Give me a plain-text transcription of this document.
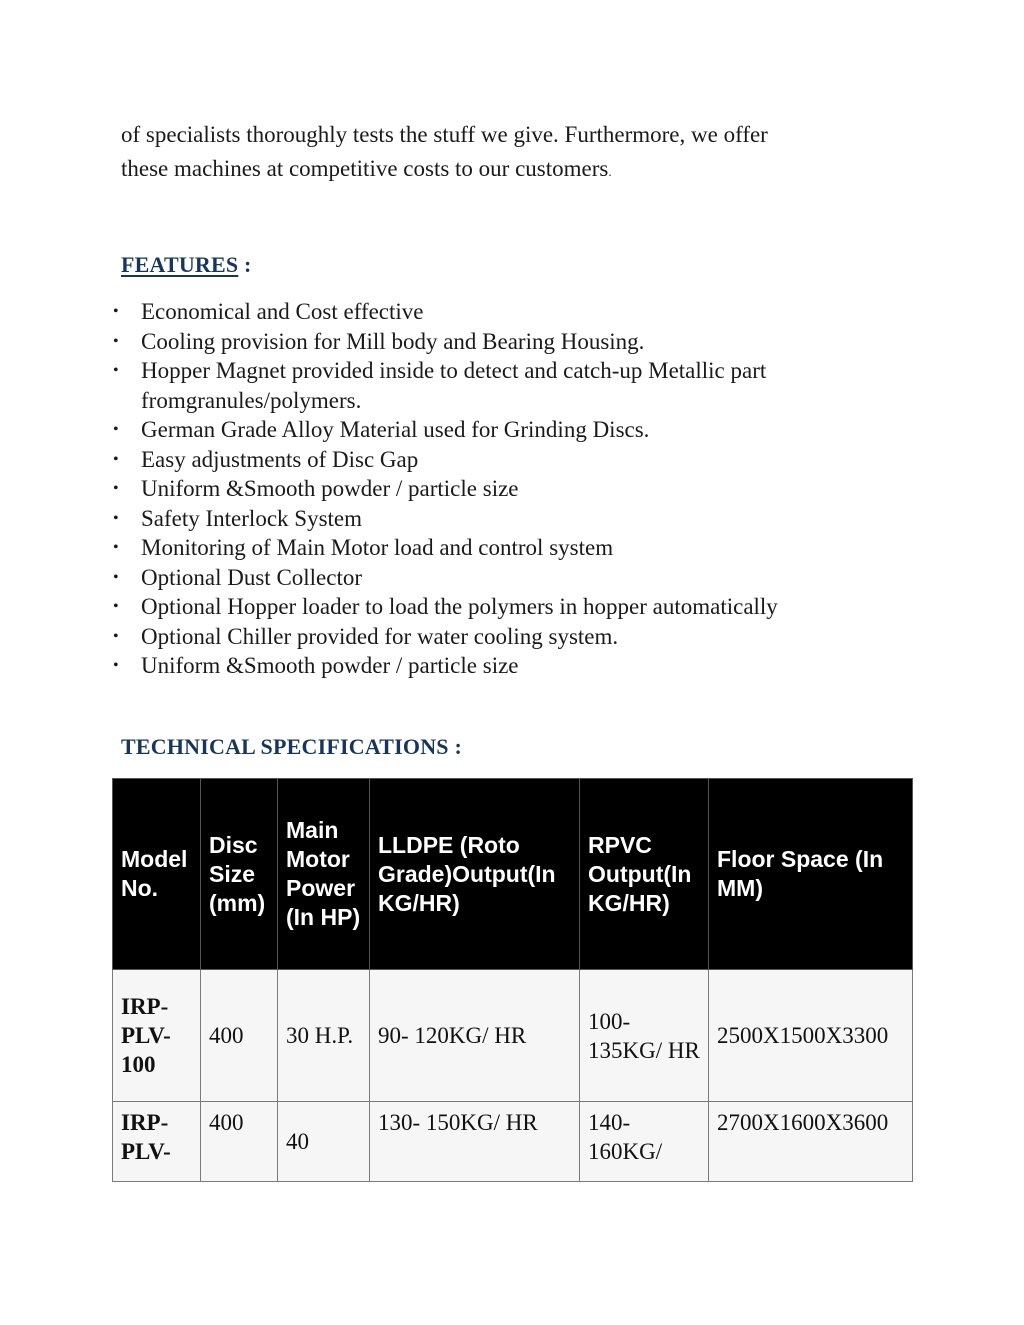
of specialists thoroughly tests the stuff we give. Furthermore, we offer
these machines at competitive costs to our customers.

FEATURES :
• Economical and Cost effective
• Cooling provision for Mill body and Bearing Housing.
• Hopper Magnet provided inside to detect and catch-up Metallic part fromgranules/polymers.
• German Grade Alloy Material used for Grinding Discs.
• Easy adjustments of Disc Gap
• Uniform &Smooth powder / particle size
• Safety Interlock System
• Monitoring of Main Motor load and control system
• Optional Dust Collector
• Optional Hopper loader to load the polymers in hopper automatically
• Optional Chiller provided for water cooling system.
• Uniform &Smooth powder / particle size
TECHNICAL SPECIFICATIONS :
Model No.	Disc Size (mm)	Main Motor Power (In HP)	LLDPE (Roto Grade)Output(In KG/HR)	RPVC Output(In KG/HR)	Floor Space (In MM)

IRP-PLV-100	400	30 H.P.	90- 120KG/ HR	100-135KG/ HR	2500X1500X3300
IRP-PLV-	400	40	130- 150KG/ HR	140-160KG/	2700X1600X3600
